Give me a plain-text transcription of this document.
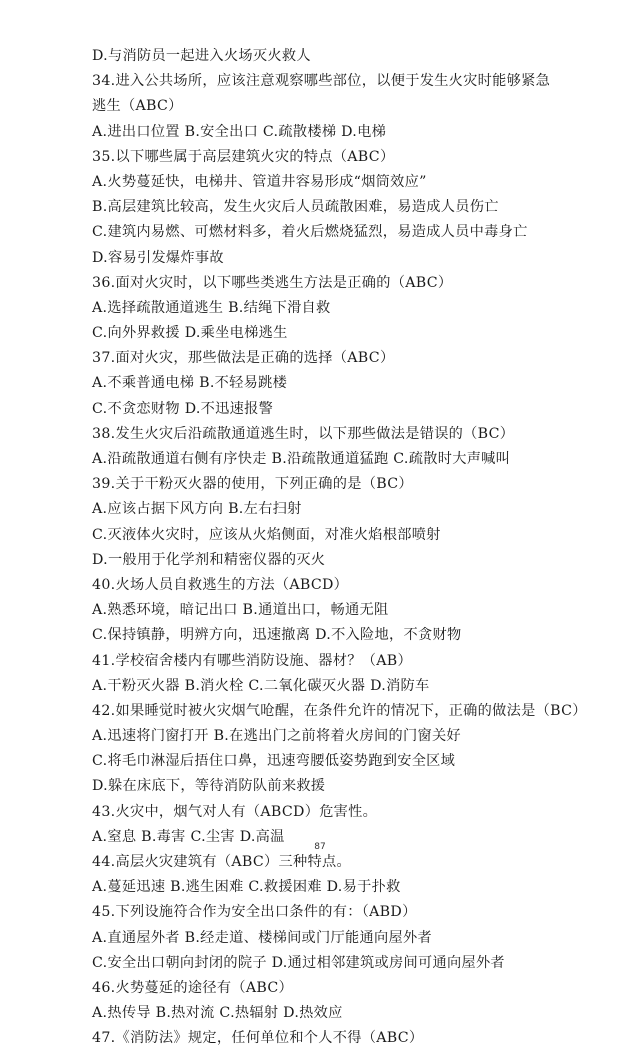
D.与消防员一起进入火场灭火救人
34.进入公共场所，应该注意观察哪些部位，以便于发生火灾时能够紧急
逃生（ABC）
A.进出口位置 B.安全出口 C.疏散楼梯 D.电梯
35.以下哪些属于高层建筑火灾的特点（ABC）
A.火势蔓延快，电梯井、管道井容易形成“烟筒效应”
B.高层建筑比较高，发生火灾后人员疏散困难，易造成人员伤亡
C.建筑内易燃、可燃材料多，着火后燃烧猛烈，易造成人员中毒身亡
D.容易引发爆炸事故
36.面对火灾时，以下哪些类逃生方法是正确的（ABC）
A.选择疏散通道逃生 B.结绳下滑自救
C.向外界救援 D.乘坐电梯逃生
37.面对火灾，那些做法是正确的选择（ABC）
A.不乘普通电梯 B.不轻易跳楼
C.不贪恋财物 D.不迅速报警
38.发生火灾后沿疏散通道逃生时，以下那些做法是错误的（BC）
A.沿疏散通道右侧有序快走 B.沿疏散通道猛跑 C.疏散时大声喊叫
39.关于干粉灭火器的使用，下列正确的是（BC）
A.应该占据下风方向 B.左右扫射
C.灭液体火灾时，应该从火焰侧面，对准火焰根部喷射
D.一般用于化学剂和精密仪器的灭火
40.火场人员自救逃生的方法（ABCD）
A.熟悉环境，暗记出口 B.通道出口，畅通无阻
C.保持镇静，明辨方向，迅速撤离 D.不入险地，不贪财物
41.学校宿舍楼内有哪些消防设施、器材？（AB）
A.干粉灭火器 B.消火栓 C.二氧化碳灭火器 D.消防车
42.如果睡觉时被火灾烟气呛醒，在条件允许的情况下，正确的做法是（BC）
A.迅速将门窗打开 B.在逃出门之前将着火房间的门窗关好
C.将毛巾淋湿后捂住口鼻，迅速弯腰低姿势跑到安全区域
D.躲在床底下，等待消防队前来救援
43.火灾中，烟气对人有（ABCD）危害性。
A.窒息 B.毒害 C.尘害 D.高温
44.高层火灾建筑有（ABC）三种特点。
A.蔓延迅速 B.逃生困难 C.救援困难 D.易于扑救
45.下列设施符合作为安全出口条件的有：（ABD）
A.直通屋外者 B.经走道、楼梯间或门厅能通向屋外者
C.安全出口朝向封闭的院子 D.通过相邻建筑或房间可通向屋外者
46.火势蔓延的途径有（ABC）
A.热传导 B.热对流 C.热辐射 D.热效应
47.《消防法》规定，任何单位和个人不得（ABC）
87
